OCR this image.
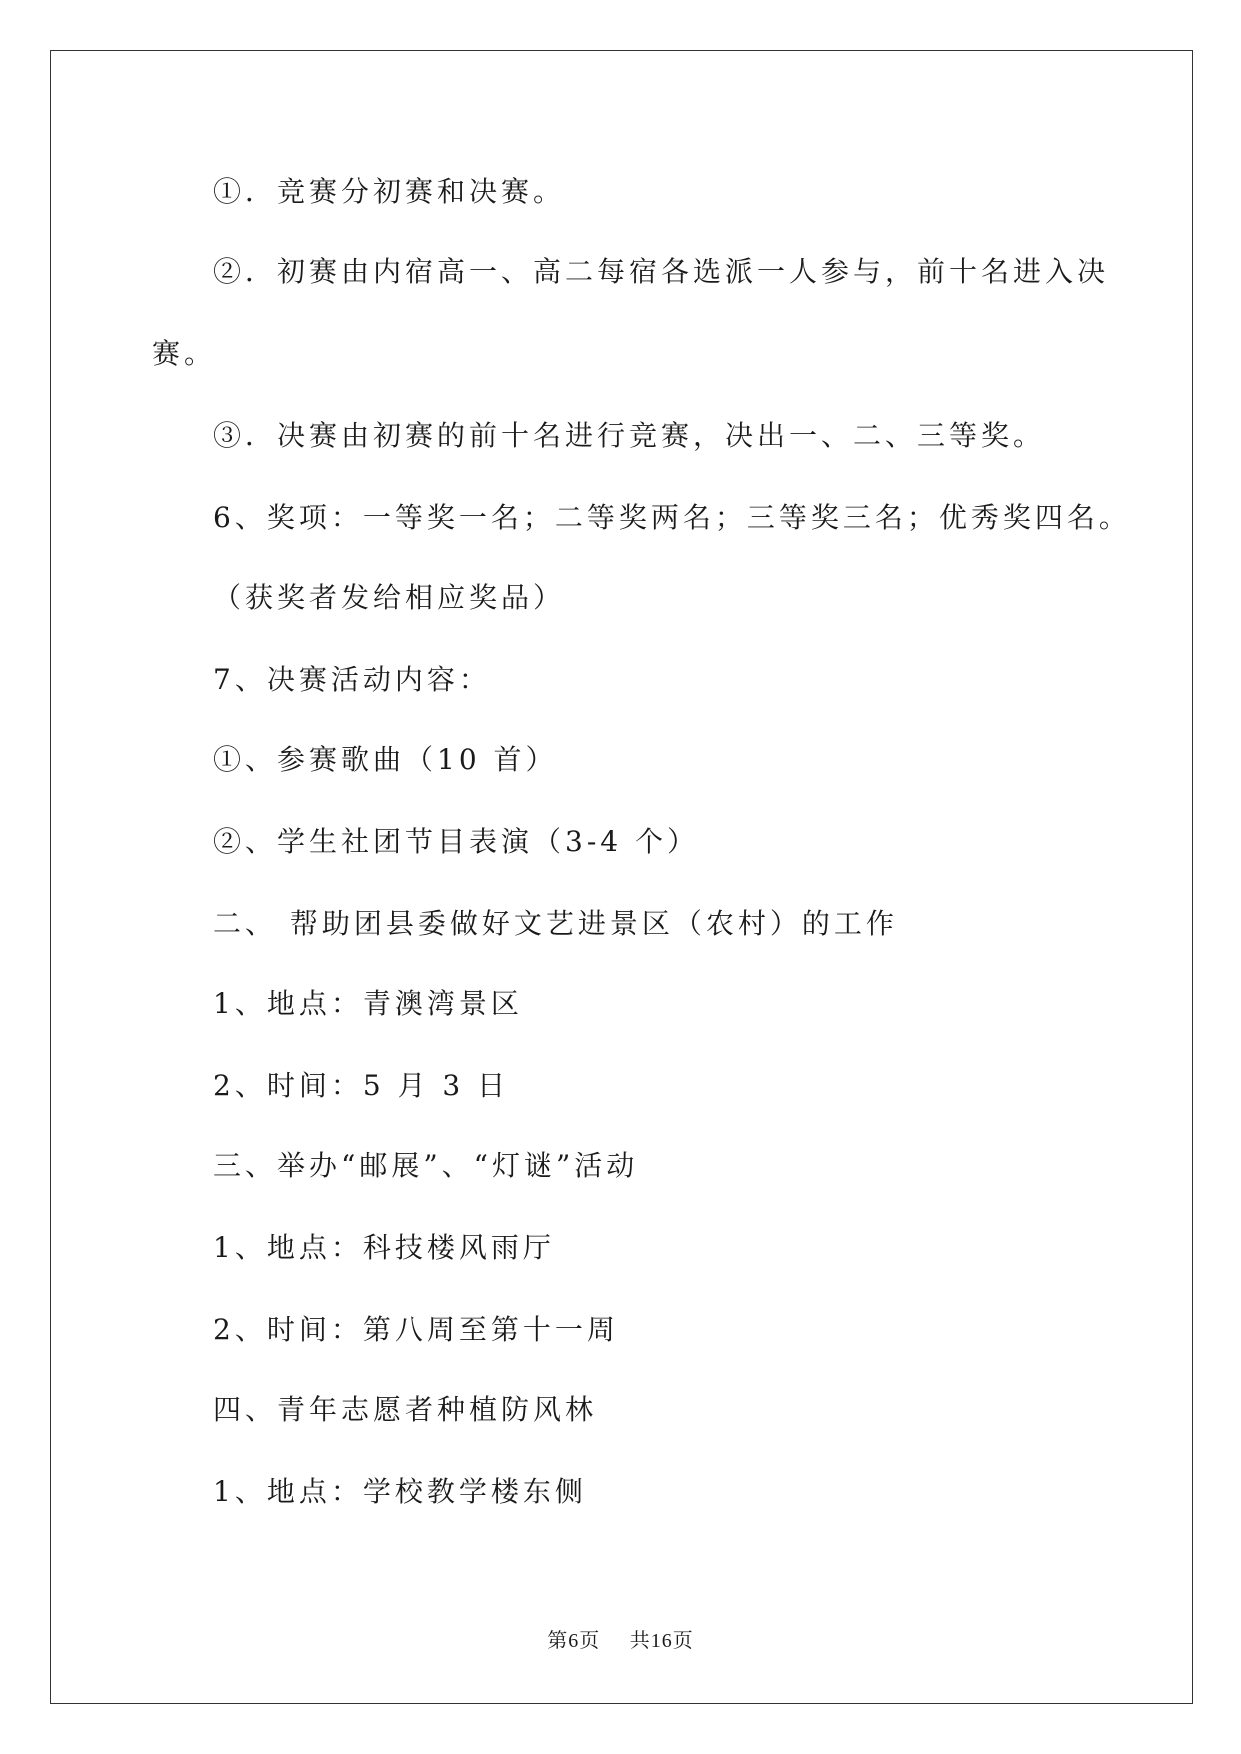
①．竞赛分初赛和决赛。
②．初赛由内宿高一、高二每宿各选派一人参与，前十名进入决
赛。
③．决赛由初赛的前十名进行竞赛，决出一、二、三等奖。
6、奖项：一等奖一名；二等奖两名；三等奖三名；优秀奖四名。
（获奖者发给相应奖品）
7、决赛活动内容：
①、参赛歌曲（10 首）
②、学生社团节目表演（3-4 个）
二、 帮助团县委做好文艺进景区（农村）的工作
1、地点：青澳湾景区
2、时间：5 月 3 日
三、举办“邮展”、“灯谜”活动
1、地点：科技楼风雨厅
2、时间：第八周至第十一周
四、青年志愿者种植防风林
1、地点：学校教学楼东侧
第6页 共16页
